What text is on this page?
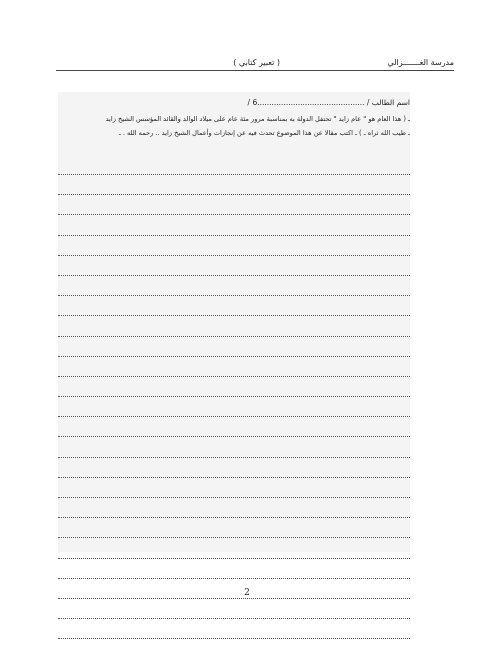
مدرسة الغـــــــزالي
( تعبير كتابي )
اسم الطالب / .............................................6 /
ـ ( هذا العام هو " عام زايد " تحتفل الدولة به بمناسبة مرور مئة عام على ميلاد الوالد والقائد المؤسس الشيخ زايد
ـ طيب الله ثراه ـ ) ـ اكتب مقالا عن هذا الموضوع تحدث فيه عن إنجازات وأعمال الشيخ زايد .. رحمه الله . ـ
2
